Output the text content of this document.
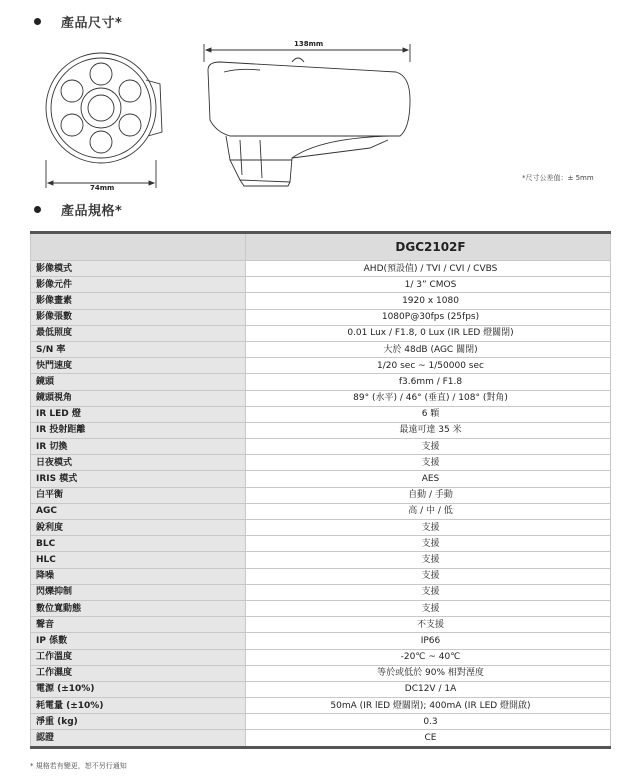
產品尺寸*
74mm
138mm
*尺寸公差值：± 5mm
產品規格*
	DGC2102F
影像模式	AHD(預設值) / TVI / CVI / CVBS
影像元件	1/ 3” CMOS
影像畫素	1920 x 1080
影像張數	1080P@30fps (25fps)
最低照度	0.01 Lux / F1.8, 0 Lux (IR LED 燈關閉)
S/N 率	大於 48dB (AGC 關閉)
快門速度	1/20 sec ~ 1/50000 sec
鏡頭	f3.6mm / F1.8
鏡頭視角	89° (水平) / 46° (垂直) / 108° (對角)
IR LED 燈	6 顆
IR 投射距離	最遠可達 35 米
IR 切換	支援
日夜模式	支援
IRIS 模式	AES
白平衡	自動 / 手動
AGC	高 / 中 / 低
銳利度	支援
BLC	支援
HLC	支援
降噪	支援
閃爍抑制	支援
數位寬動態	支援
聲音	不支援
IP 係數	IP66
工作溫度	-20℃ ~ 40℃
工作濕度	等於或低於 90% 相對溼度
電源 (±10%)	DC12V / 1A
耗電量 (±10%)	50mA (IR lED 燈關閉); 400mA (IR LED 燈開啟)
淨重 (kg)	0.3
認證	CE
* 規格若有變更，恕不另行通知
